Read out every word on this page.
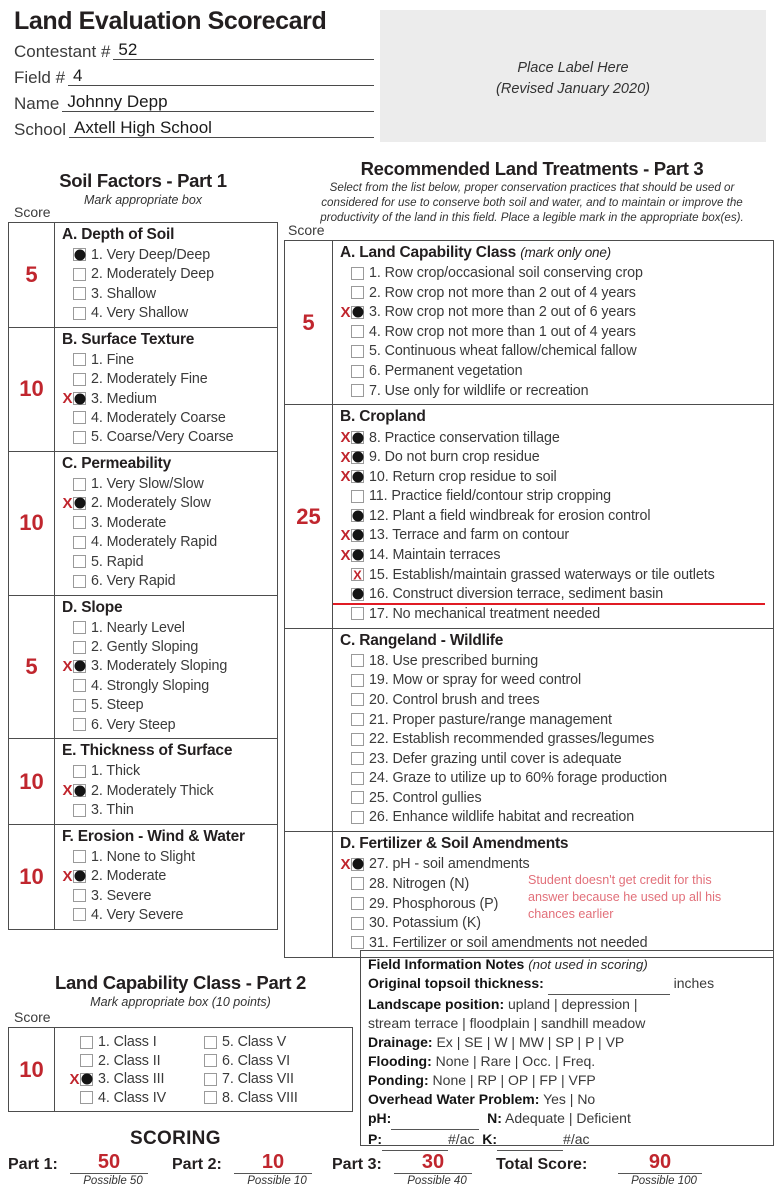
Land Evaluation Scorecard
Contestant # 52
Field # 4
Name Johnny Depp
School Axtell High School
Place Label Here
(Revised January 2020)
Soil Factors - Part 1
Mark appropriate box
Score
5
A. Depth of Soil
1. Very Deep/Deep
2. Moderately Deep
3. Shallow
4. Very Shallow
10
B. Surface Texture
1. Fine
2. Moderately Fine
X 3. Medium
4. Moderately Coarse
5. Coarse/Very Coarse
10
C. Permeability
1. Very Slow/Slow
X 2. Moderately Slow
3. Moderate
4. Moderately Rapid
5. Rapid
6. Very Rapid
5
D. Slope
1. Nearly Level
2. Gently Sloping
X 3. Moderately Sloping
4. Strongly Sloping
5. Steep
6. Very Steep
10
E. Thickness of Surface
1. Thick
X 2. Moderately Thick
3. Thin
10
F. Erosion - Wind & Water
1. None to Slight
X 2. Moderate
3. Severe
4. Very Severe
Recommended Land Treatments - Part 3
Select from the list below, proper conservation practices that should be used or considered for use to conserve both soil and water, and to maintain or improve the productivity of the land in this field. Place a legible mark in the appropriate box(es).
Score
5
A. Land Capability Class (mark only one)
1. Row crop/occasional soil conserving crop
2. Row crop not more than 2 out of 4 years
X 3. Row crop not more than 2 out of 6 years
4. Row crop not more than 1 out of 4 years
5. Continuous wheat fallow/chemical fallow
6. Permanent vegetation
7. Use only for wildlife or recreation
25
B. Cropland
X 8. Practice conservation tillage
X 9. Do not burn crop residue
X 10. Return crop residue to soil
11. Practice field/contour strip cropping
12. Plant a field windbreak for erosion control
X 13. Terrace and farm on contour
X 14. Maintain terraces
X
15. Establish/maintain grassed waterways or tile outlets
16. Construct diversion terrace, sediment basin
17. No mechanical treatment needed
C. Rangeland - Wildlife
18. Use prescribed burning
19. Mow or spray for weed control
20. Control brush and trees
21. Proper pasture/range management
22. Establish recommended grasses/legumes
23. Defer grazing until cover is adequate
24. Graze to utilize up to 60% forage production
25. Control gullies
26. Enhance wildlife habitat and recreation
D. Fertilizer & Soil Amendments
X 27. pH - soil amendments
28. Nitrogen (N)
29. Phosphorous (P)
30. Potassium (K)
31. Fertilizer or soil amendments not needed
Student doesn't get credit for this answer because he used up all his chances earlier
Land Capability Class - Part 2
Mark appropriate box (10 points)
Score
10
1. Class I
2. Class II
X 3. Class III
4. Class IV
5. Class V
6. Class VI
7. Class VII
8. Class VIII
Field Information Notes (not used in scoring)
Original topsoil thickness:	inches
Landscape position: upland | depression |
stream terrace | floodplain | sandhill meadow
Drainage: Ex | SE | W | MW | SP | P | VP
Flooding: None | Rare | Occ. | Freq.
Ponding: None | RP | OP | FP | VFP
Overhead Water Problem: Yes | No
pH:	N: Adequate | Deficient
P:	#/ac K:	#/ac
SCORING
Part 1: 50
Possible 50
Part 2: 10
Possible 10
Part 3: 30
Possible 40
Total Score:	90
Possible 100
